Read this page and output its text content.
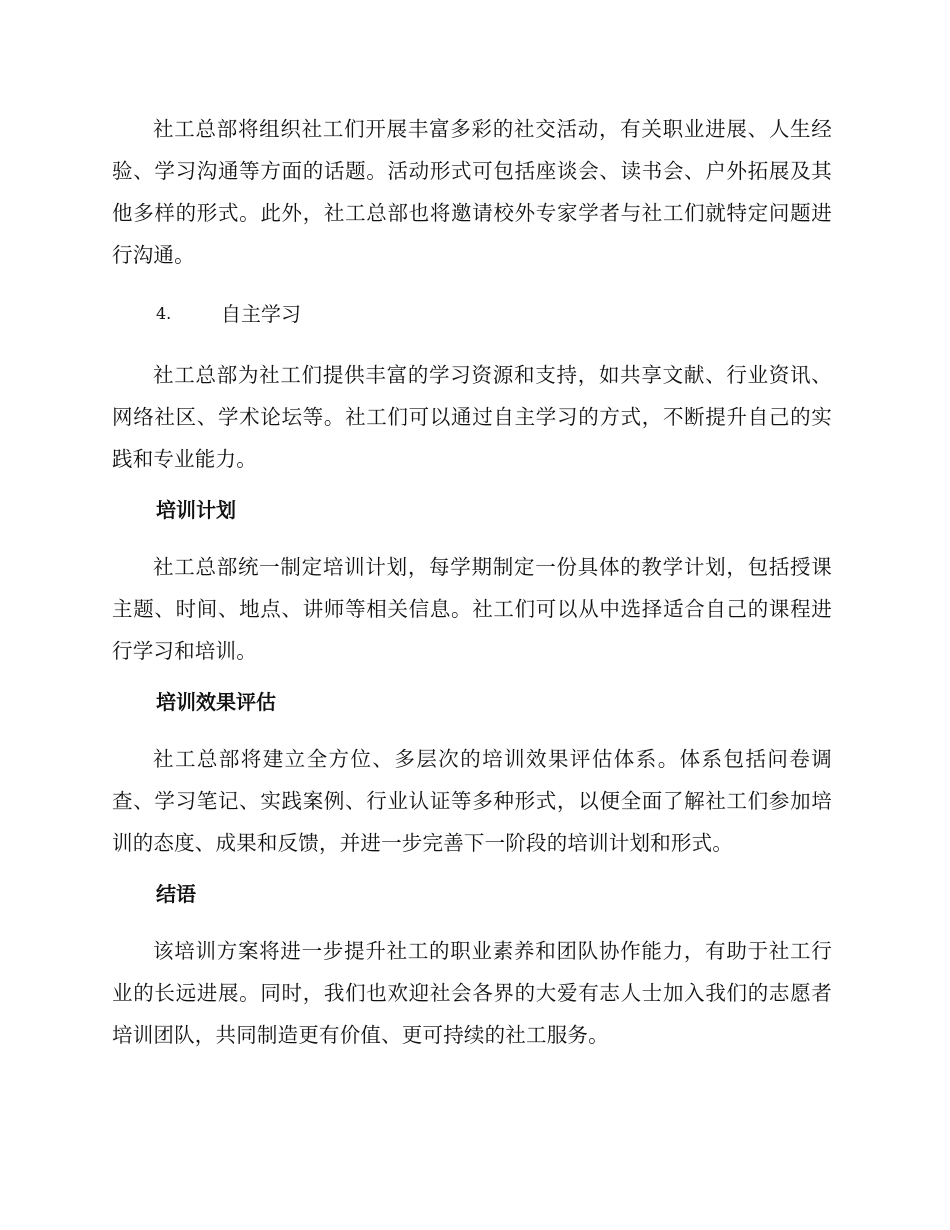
社工总部将组织社工们开展丰富多彩的社交活动，有关职业进展、人生经验、学习沟通等方面的话题。活动形式可包括座谈会、读书会、户外拓展及其他多样的形式。此外，社工总部也将邀请校外专家学者与社工们就特定问题进行沟通。

4.	自主学习

社工总部为社工们提供丰富的学习资源和支持，如共享文献、行业资讯、网络社区、学术论坛等。社工们可以通过自主学习的方式，不断提升自己的实践和专业能力。

培训计划

社工总部统一制定培训计划，每学期制定一份具体的教学计划，包括授课主题、时间、地点、讲师等相关信息。社工们可以从中选择适合自己的课程进行学习和培训。

培训效果评估

社工总部将建立全方位、多层次的培训效果评估体系。体系包括问卷调查、学习笔记、实践案例、行业认证等多种形式，以便全面了解社工们参加培训的态度、成果和反馈，并进一步完善下一阶段的培训计划和形式。

结语

该培训方案将进一步提升社工的职业素养和团队协作能力，有助于社工行业的长远进展。同时，我们也欢迎社会各界的大爱有志人士加入我们的志愿者培训团队，共同制造更有价值、更可持续的社工服务。
